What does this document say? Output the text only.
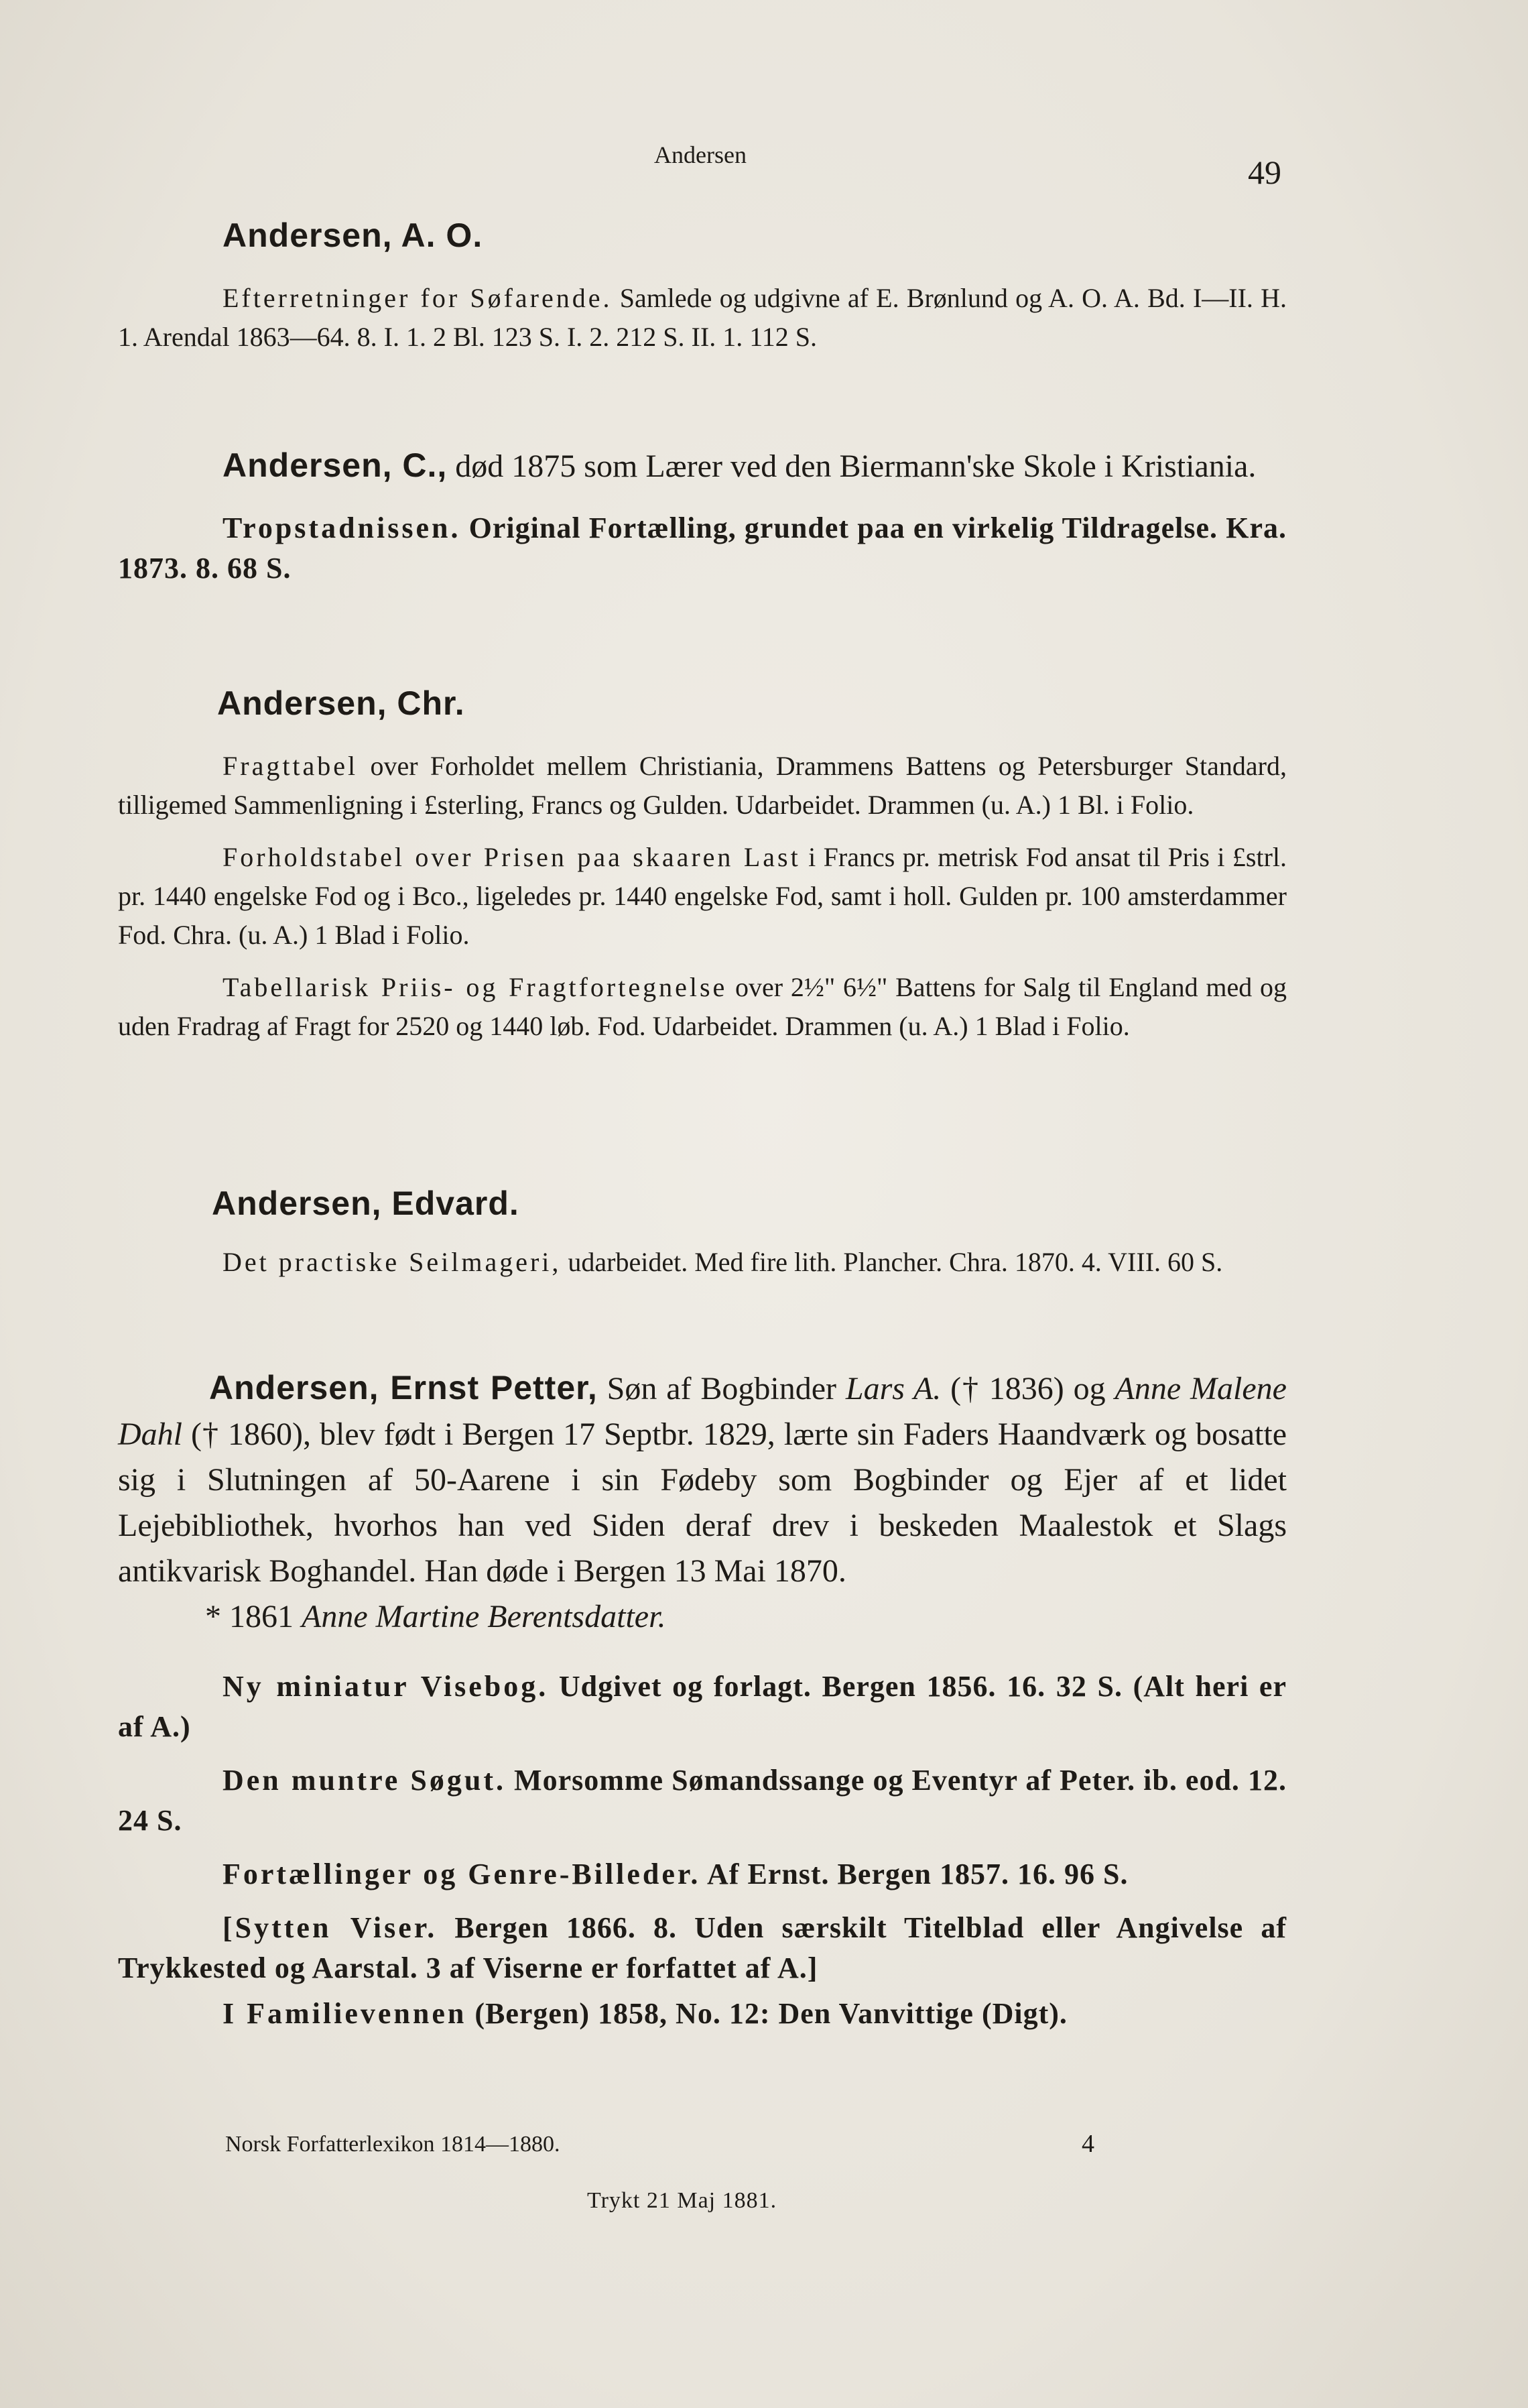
Andersen	49
Andersen, A. O.

Efterretninger for Søfarende. Samlede og udgivne af E. Brønlund og A. O. A. Bd. I—II. H. 1. Arendal 1863—64. 8. I. 1. 2 Bl. 123 S. I. 2. 212 S. II. 1. 112 S.

Andersen, C., død 1875 som Lærer ved den Biermann'ske Skole i Kristiania.

Tropstadnissen. Original Fortælling, grundet paa en virkelig Tildragelse. Kra. 1873. 8. 68 S.

Andersen, Chr.

Fragttabel over Forholdet mellem Christiania, Drammens Battens og Petersburger Standard, tilligemed Sammenligning i £sterling, Francs og Gulden. Udarbeidet. Drammen (u. A.) 1 Bl. i Folio.

Forholdstabel over Prisen paa skaaren Last i Francs pr. metrisk Fod ansat til Pris i £strl. pr. 1440 engelske Fod og i Bco., ligeledes pr. 1440 engelske Fod, samt i holl. Gulden pr. 100 amsterdammer Fod. Chra. (u. A.) 1 Blad i Folio.

Tabellarisk Priis- og Fragtfortegnelse over 2½" 6½" Battens for Salg til England med og uden Fradrag af Fragt for 2520 og 1440 løb. Fod. Udarbeidet. Drammen (u. A.) 1 Blad i Folio.

Andersen, Edvard.

Det practiske Seilmageri, udarbeidet. Med fire lith. Plancher. Chra. 1870. 4. VIII. 60 S.

Andersen, Ernst Petter, Søn af Bogbinder Lars A. († 1836) og Anne Malene Dahl († 1860), blev født i Bergen 17 Septbr. 1829, lærte sin Faders Haandværk og bosatte sig i Slutningen af 50-Aarene i sin Fødeby som Bogbinder og Ejer af et lidet Lejebibliothek, hvorhos han ved Siden deraf drev i beskeden Maalestok et Slags antikvarisk Boghandel. Han døde i Bergen 13 Mai 1870.

* 1861 Anne Martine Berentsdatter.

Ny miniatur Visebog. Udgivet og forlagt. Bergen 1856. 16. 32 S. (Alt heri er af A.)

Den muntre Søgut. Morsomme Sømandssange og Eventyr af Peter. ib. eod. 12. 24 S.

Fortællinger og Genre-Billeder. Af Ernst. Bergen 1857. 16. 96 S.

[Sytten Viser. Bergen 1866. 8. Uden særskilt Titelblad eller Angivelse af Trykkested og Aarstal. 3 af Viserne er forfattet af A.]

I Familievennen (Bergen) 1858, No. 12: Den Vanvittige (Digt).

Norsk Forfatterlexikon 1814—1880.	4
Trykt 21 Maj 1881.
